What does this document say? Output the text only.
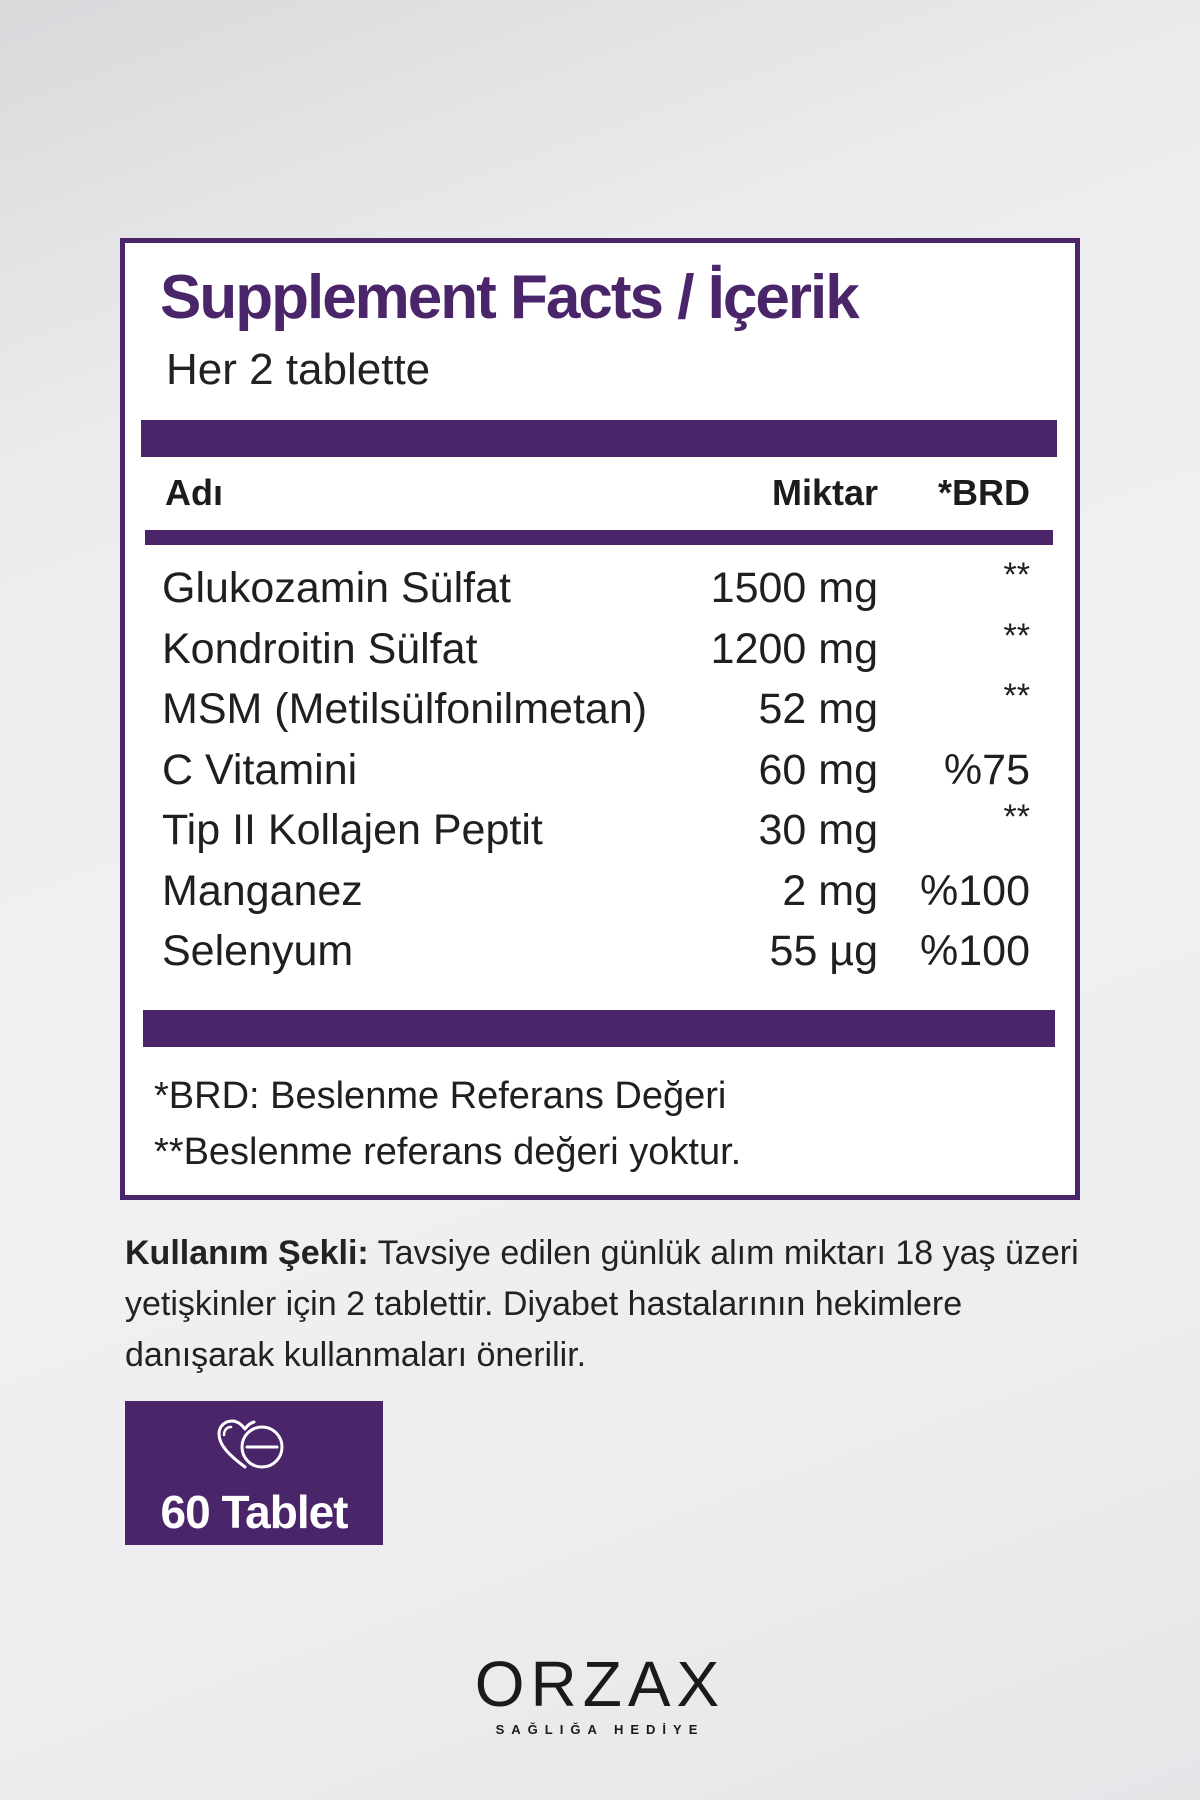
Supplement Facts / İçerik
Her 2 tablette
Adı	Miktar *BRD
Glukozamin Sülfat	1500 mg	**
Kondroitin Sülfat	1200 mg	**
MSM (Metilsülfonilmetan)	52 mg	**
C Vitamini	60 mg %75
Tip II Kollajen Peptit	30 mg	**
Manganez	2 mg %100
Selenyum	55 µg %100
*BRD: Beslenme Referans Değeri
**Beslenme referans değeri yoktur.
Kullanım Şekli: Tavsiye edilen günlük alım miktarı 18 yaş üzeri yetişkinler için 2 tablettir. Diyabet hastalarının hekimlere danışarak kullanmaları önerilir.
60 Tablet
ORZAX
SAĞLIĞA HEDİYE
